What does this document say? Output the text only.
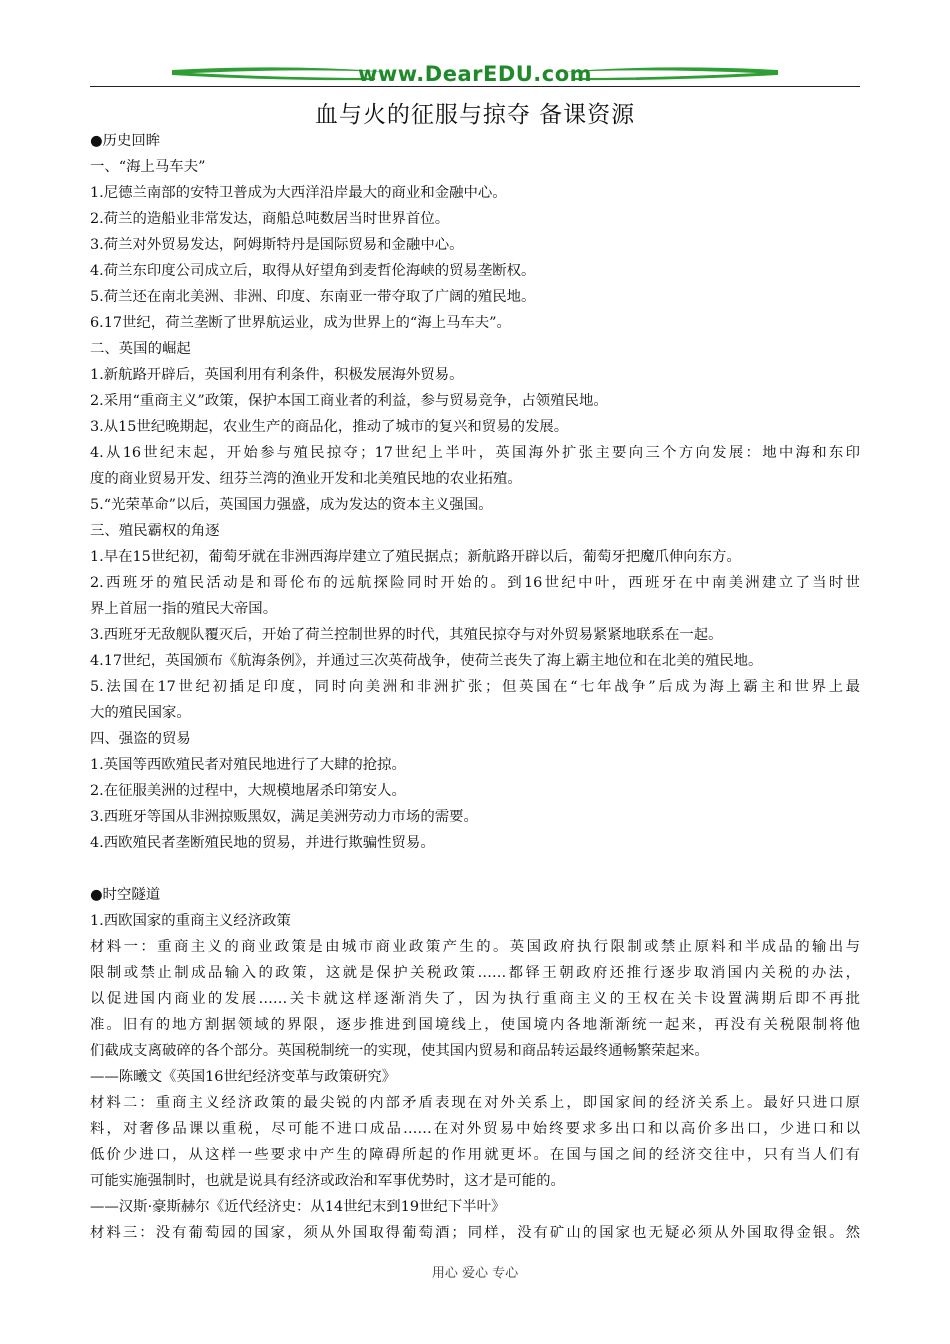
www.DearEDU.com
血与火的征服与掠夺 备课资源
●历史回眸
一、“海上马车夫”
1.尼德兰南部的安特卫普成为大西洋沿岸最大的商业和金融中心。
2.荷兰的造船业非常发达，商船总吨数居当时世界首位。
3.荷兰对外贸易发达，阿姆斯特丹是国际贸易和金融中心。
4.荷兰东印度公司成立后，取得从好望角到麦哲伦海峡的贸易垄断权。
5.荷兰还在南北美洲、非洲、印度、东南亚一带夺取了广阔的殖民地。
6.17世纪，荷兰垄断了世界航运业，成为世界上的“海上马车夫”。
二、英国的崛起
1.新航路开辟后，英国利用有利条件，积极发展海外贸易。
2.采用“重商主义”政策，保护本国工商业者的利益，参与贸易竞争，占领殖民地。
3.从15世纪晚期起，农业生产的商品化，推动了城市的复兴和贸易的发展。
4.从16世纪末起，开始参与殖民掠夺；17世纪上半叶，英国海外扩张主要向三个方向发展：地中海和东印
度的商业贸易开发、纽芬兰湾的渔业开发和北美殖民地的农业拓殖。
5.“光荣革命”以后，英国国力强盛，成为发达的资本主义强国。
三、殖民霸权的角逐
1.早在15世纪初，葡萄牙就在非洲西海岸建立了殖民据点；新航路开辟以后，葡萄牙把魔爪伸向东方。
2.西班牙的殖民活动是和哥伦布的远航探险同时开始的。到16世纪中叶，西班牙在中南美洲建立了当时世
界上首屈一指的殖民大帝国。
3.西班牙无敌舰队覆灭后，开始了荷兰控制世界的时代，其殖民掠夺与对外贸易紧紧地联系在一起。
4.17世纪，英国颁布《航海条例》，并通过三次英荷战争，使荷兰丧失了海上霸主地位和在北美的殖民地。
5.法国在17世纪初插足印度，同时向美洲和非洲扩张；但英国在“七年战争”后成为海上霸主和世界上最
大的殖民国家。
四、强盗的贸易
1.英国等西欧殖民者对殖民地进行了大肆的抢掠。
2.在征服美洲的过程中，大规模地屠杀印第安人。
3.西班牙等国从非洲掠贩黑奴，满足美洲劳动力市场的需要。
4.西欧殖民者垄断殖民地的贸易，并进行欺骗性贸易。
●时空隧道
1.西欧国家的重商主义经济政策
材料一：重商主义的商业政策是由城市商业政策产生的。英国政府执行限制或禁止原料和半成品的输出与
限制或禁止制成品输入的政策，这就是保护关税政策……都铎王朝政府还推行逐步取消国内关税的办法，
以促进国内商业的发展……关卡就这样逐渐消失了，因为执行重商主义的王权在关卡设置满期后即不再批
准。旧有的地方割据领域的界限，逐步推进到国境线上，使国境内各地渐渐统一起来，再没有关税限制将他
们截成支离破碎的各个部分。英国税制统一的实现，使其国内贸易和商品转运最终通畅繁荣起来。
——陈曦文《英国16世纪经济变革与政策研究》
材料二：重商主义经济政策的最尖锐的内部矛盾表现在对外关系上，即国家间的经济关系上。最好只进口原
料，对奢侈品课以重税，尽可能不进口成品……在对外贸易中始终要求多出口和以高价多出口，少进口和以
低价少进口，从这样一些要求中产生的障碍所起的作用就更坏。在国与国之间的经济交往中，只有当人们有
可能实施强制时，也就是说具有经济或政治和军事优势时，这才是可能的。
——汉斯·豪斯赫尔《近代经济史：从14世纪末到19世纪下半叶》
材料三：没有葡萄园的国家，须从外国取得葡萄酒；同样，没有矿山的国家也无疑必须从外国取得金银。然
用心 爱心 专心
